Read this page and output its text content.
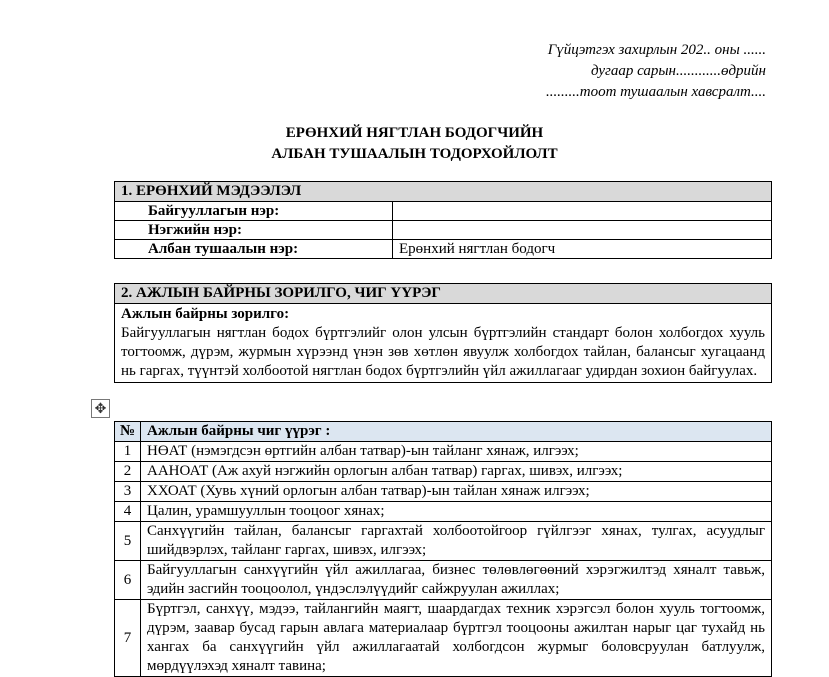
Гүйцэтгэх захирлын 202.. оны ......
дугаар сарын............өдрийн
.........тоот тушаалын хавсралт....
ЕРӨНХИЙ НЯГТЛАН БОДОГЧИЙН
АЛБАН ТУШААЛЫН ТОДОРХОЙЛОЛТ
1. ЕРӨНХИЙ МЭДЭЭЛЭЛ	
Байгууллагын нэр:	
Нэгжийн нэр:	
Албан тушаалын нэр:	Ерөнхий нягтлан бодогч
2. АЖЛЫН БАЙРНЫ ЗОРИЛГО, ЧИГ ҮҮРЭГ

Ажлын байрны зорилго:
Байгууллагын нягтлан бодох бүртгэлийг олон улсын бүртгэлийн стандарт болон холбогдох хууль тогтоомж, дүрэм, журмын хүрээнд үнэн зөв хөтлөн явуулж холбогдох тайлан, балансыг хугацаанд нь гаргах, түүнтэй холбоотой нягтлан бодох бүртгэлийн үйл ажиллагааг удирдан зохион байгуулах.
✥
№	Ажлын байрны чиг үүрэг :
1	НӨАТ (нэмэгдсэн өртгийн албан татвар)-ын тайланг хянаж, илгээх;

2	ААНОАТ (Аж ахуй нэгжийн орлогын албан татвар) гаргах, шивэх, илгээх;

3	ХХОАТ (Хувь хүний орлогын албан татвар)-ын тайлан хянаж илгээх;

4	Цалин, урамшууллын тооцоог хянах;

5	Санхүүгийн тайлан, балансыг гаргахтай холбоотойгоор гүйлгээг хянах, тулгах, асуудлыг шийдвэрлэх, тайланг гаргах, шивэх, илгээх;

6	Байгууллагын санхүүгийн үйл ажиллагаа, бизнес төлөвлөгөөний хэрэгжилтэд хяналт тавьж, эдийн засгийн тооцоолол, үндэслэлүүдийг сайжруулан ажиллах;

7	Бүртгэл, санхүү, мэдээ, тайлангийн маягт, шаардагдах техник хэрэгсэл болон хууль тогтоомж, дүрэм, заавар бусад гарын авлага материалаар бүртгэл тооцооны ажилтан нарыг цаг тухайд нь хангах ба санхүүгийн үйл ажиллагаатай холбогдсон журмыг боловсруулан батлуулж, мөрдүүлэхэд хяналт тавина;
